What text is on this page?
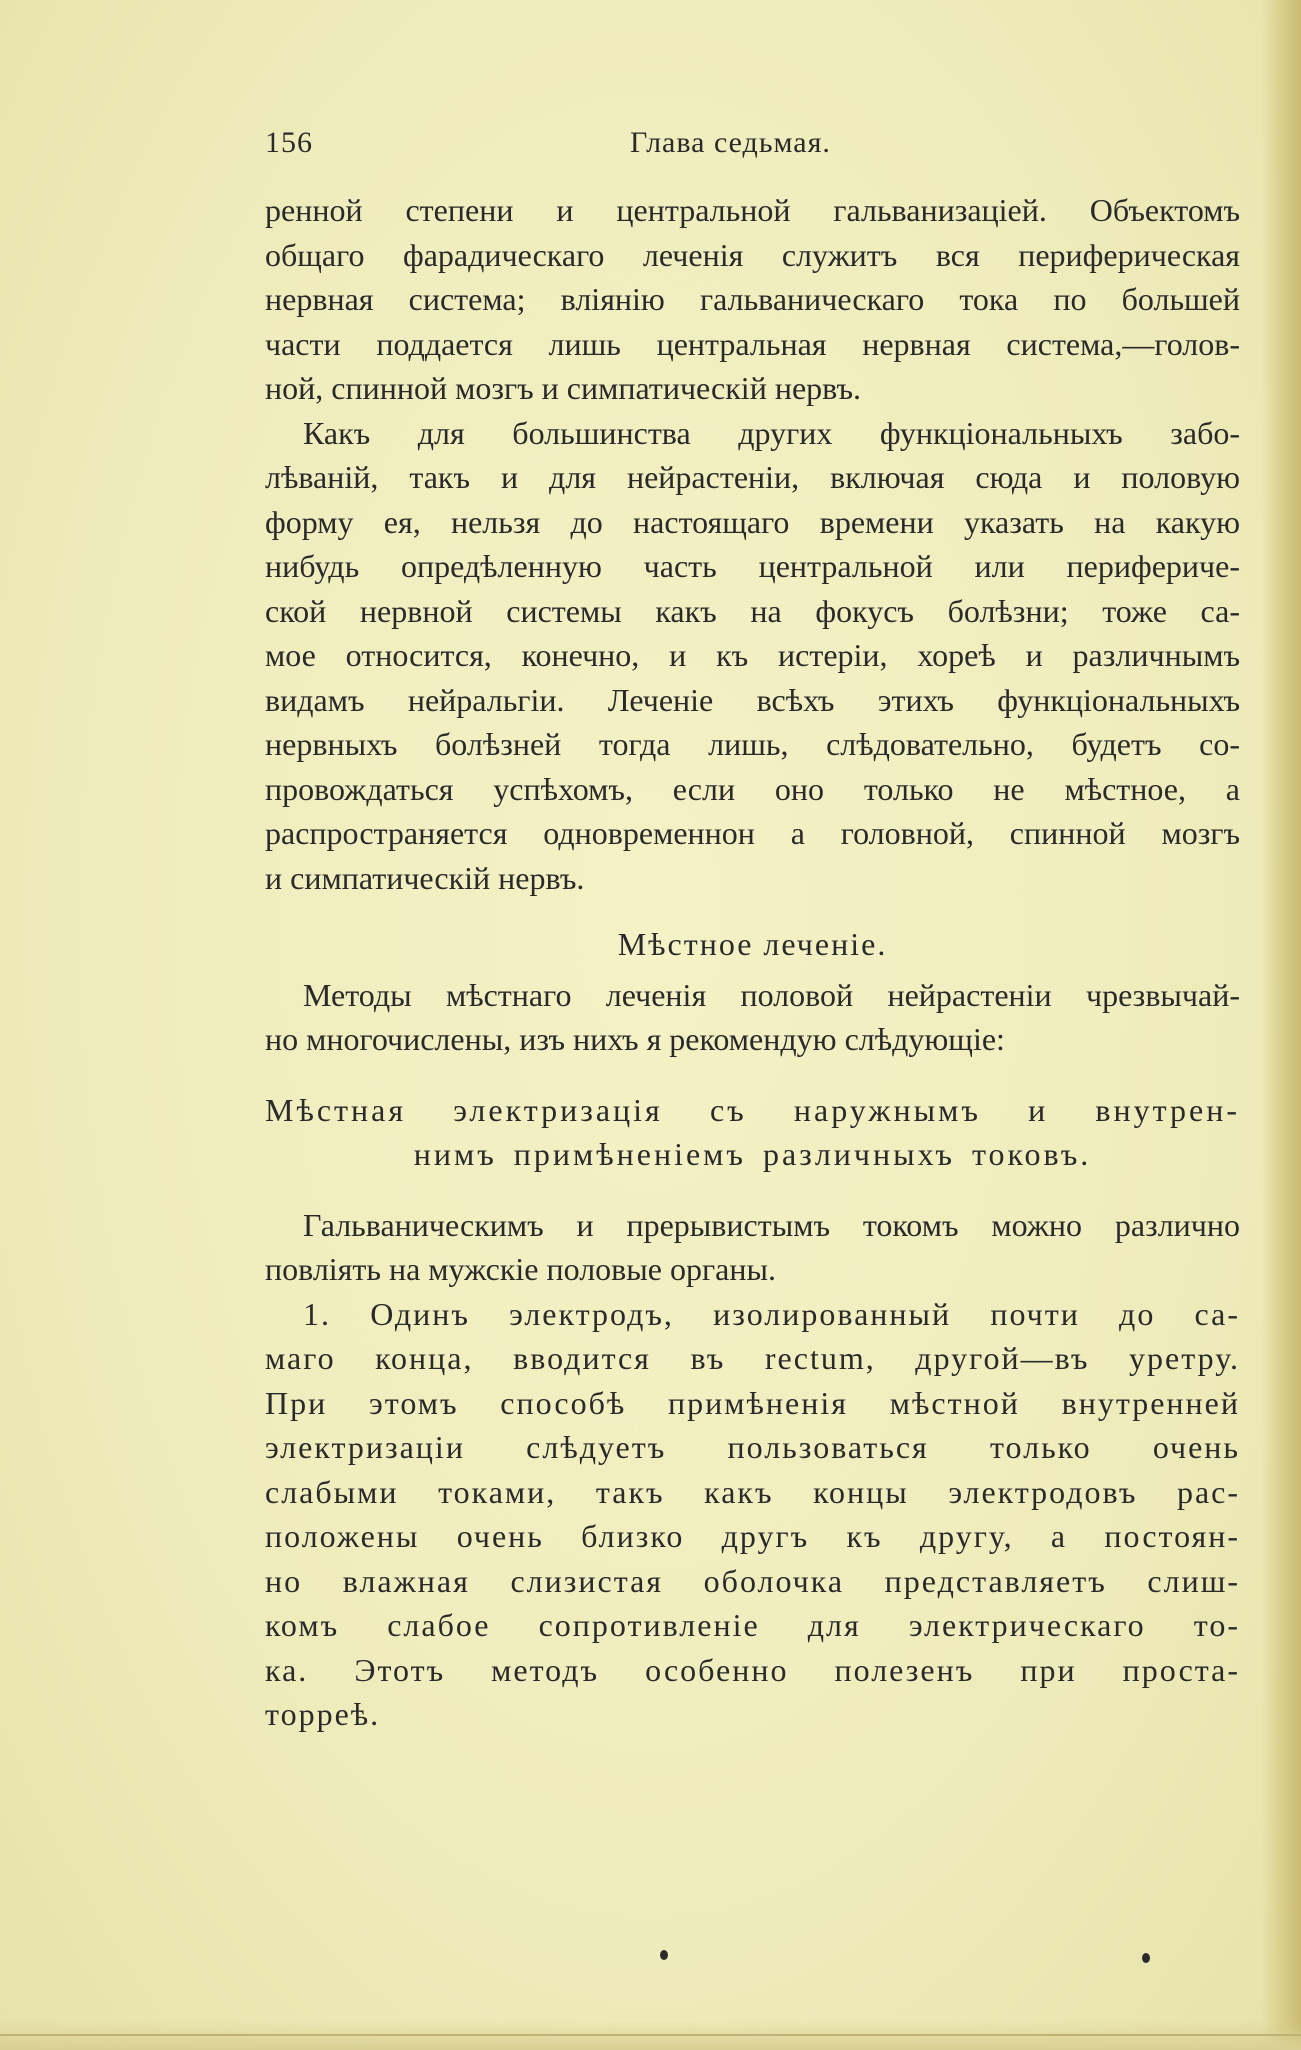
156	Глава седьмая.
ренной степени и центральной гальванизаціей. Объектомъ
общаго фарадическаго леченія служитъ вся периферическая
нервная система; вліянію гальваническаго тока по большей
части поддается лишь центральная нервная система,—голов-
ной, спинной мозгъ и симпатическій нервъ.
Какъ для большинства других функціональныхъ забо-
лѣваній, такъ и для нейрастеніи, включая сюда и половую
форму ея, нельзя до настоящаго времени указать на какую
нибудь опредѣленную часть центральной или перифериче-
ской нервной системы какъ на фокусъ болѣзни; тоже са-
мое относится, конечно, и къ истеріи, хореѣ и различнымъ
видамъ нейральгіи. Леченіе всѣхъ этихъ функціональныхъ
нервныхъ болѣзней тогда лишь, слѣдовательно, будетъ со-
провождаться успѣхомъ, если оно только не мѣстное, а
распространяется одновременнон а головной, спинной мозгъ
и симпатическій нервъ.
Мѣстное леченіе.
Методы мѣстнаго леченія половой нейрастеніи чрезвычай-
но многочислены, изъ нихъ я рекомендую слѣдующіе:
Мѣстная электризація съ наружнымъ и внутрен-
нимъ примѣненіемъ различныхъ токовъ.
Гальваническимъ и прерывистымъ токомъ можно различно
повліять на мужскіе половые органы.
1. Одинъ электродъ, изолированный почти до са-
маго конца, вводится въ rectum, другой—въ уретру.
При этомъ способѣ примѣненія мѣстной внутренней
электризаціи слѣдуетъ пользоваться только очень
слабыми токами, такъ какъ концы электродовъ рас-
положены очень близко другъ къ другу, а постоян-
но влажная слизистая оболочка представляетъ слиш-
комъ слабое сопротивленіе для электрическаго то-
ка. Этотъ методъ особенно полезенъ при проста-
торреѣ.
